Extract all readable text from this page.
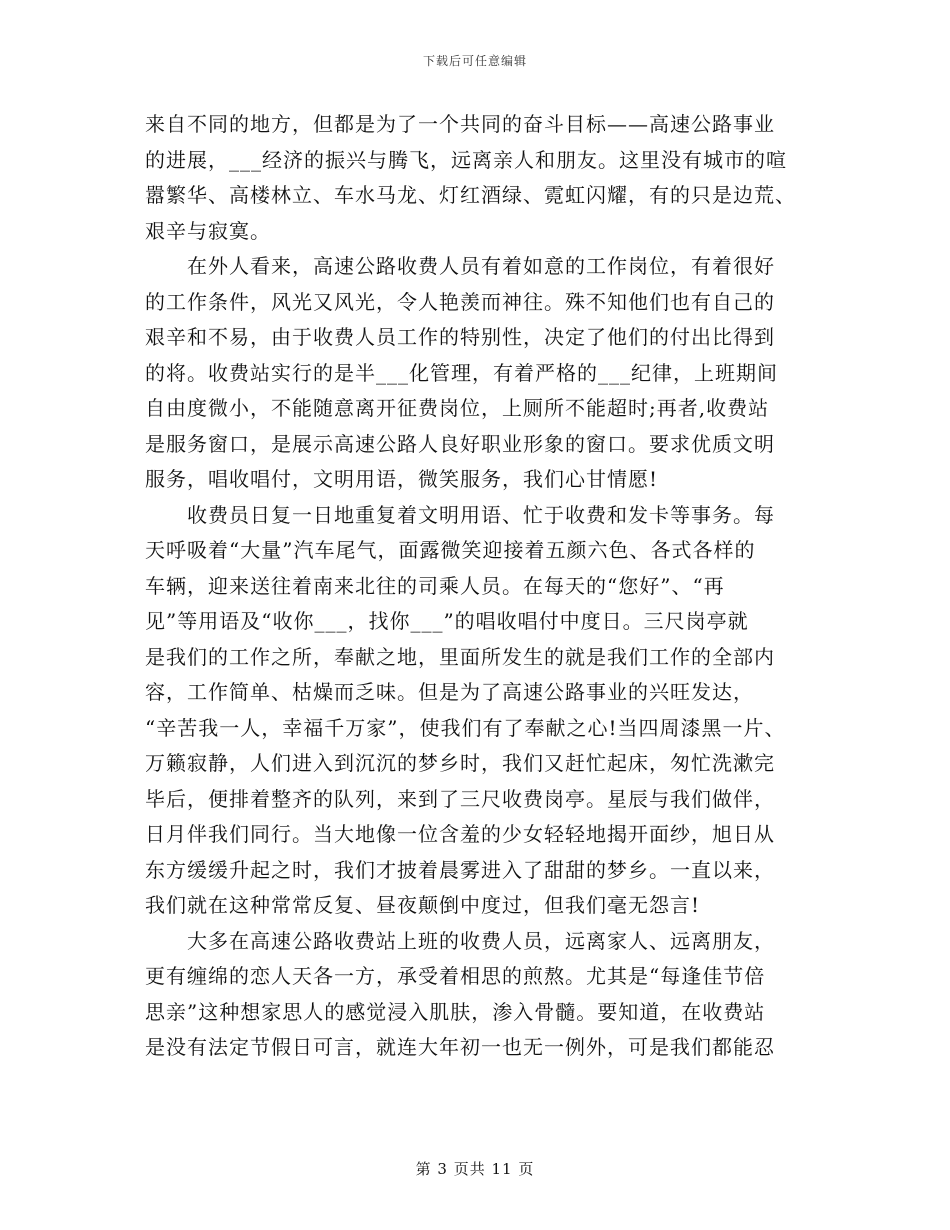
下载后可任意编辑
来自不同的地方，但都是为了一个共同的奋斗目标——高速公路事业
的进展，___经济的振兴与腾飞，远离亲人和朋友。这里没有城市的喧
嚣繁华、高楼林立、车水马龙、灯红酒绿、霓虹闪耀，有的只是边荒、
艰辛与寂寞。
在外人看来，高速公路收费人员有着如意的工作岗位，有着很好
的工作条件，风光又风光，令人艳羡而神往。殊不知他们也有自己的
艰辛和不易，由于收费人员工作的特别性，决定了他们的付出比得到
的将。收费站实行的是半___化管理，有着严格的___纪律，上班期间
自由度微小，不能随意离开征费岗位，上厕所不能超时;再者,收费站
是服务窗口，是展示高速公路人良好职业形象的窗口。要求优质文明
服务，唱收唱付，文明用语，微笑服务，我们心甘情愿!
收费员日复一日地重复着文明用语、忙于收费和发卡等事务。每
天呼吸着“大量”汽车尾气，面露微笑迎接着五颜六色、各式各样的
车辆，迎来送往着南来北往的司乘人员。在每天的“您好”、“再
见”等用语及“收你___，找你___”的唱收唱付中度日。三尺岗亭就
是我们的工作之所，奉献之地，里面所发生的就是我们工作的全部内
容，工作简单、枯燥而乏味。但是为了高速公路事业的兴旺发达，
“辛苦我一人，幸福千万家”，使我们有了奉献之心!当四周漆黑一片、
万籁寂静，人们进入到沉沉的梦乡时，我们又赶忙起床，匆忙洗漱完
毕后，便排着整齐的队列，来到了三尺收费岗亭。星辰与我们做伴，
日月伴我们同行。当大地像一位含羞的少女轻轻地揭开面纱，旭日从
东方缓缓升起之时，我们才披着晨雾进入了甜甜的梦乡。一直以来，
我们就在这种常常反复、昼夜颠倒中度过，但我们毫无怨言!
大多在高速公路收费站上班的收费人员，远离家人、远离朋友，
更有缠绵的恋人天各一方，承受着相思的煎熬。尤其是“每逢佳节倍
思亲”这种想家思人的感觉浸入肌肤，渗入骨髓。要知道，在收费站
是没有法定节假日可言，就连大年初一也无一例外，可是我们都能忍
第 3 页共 11 页
